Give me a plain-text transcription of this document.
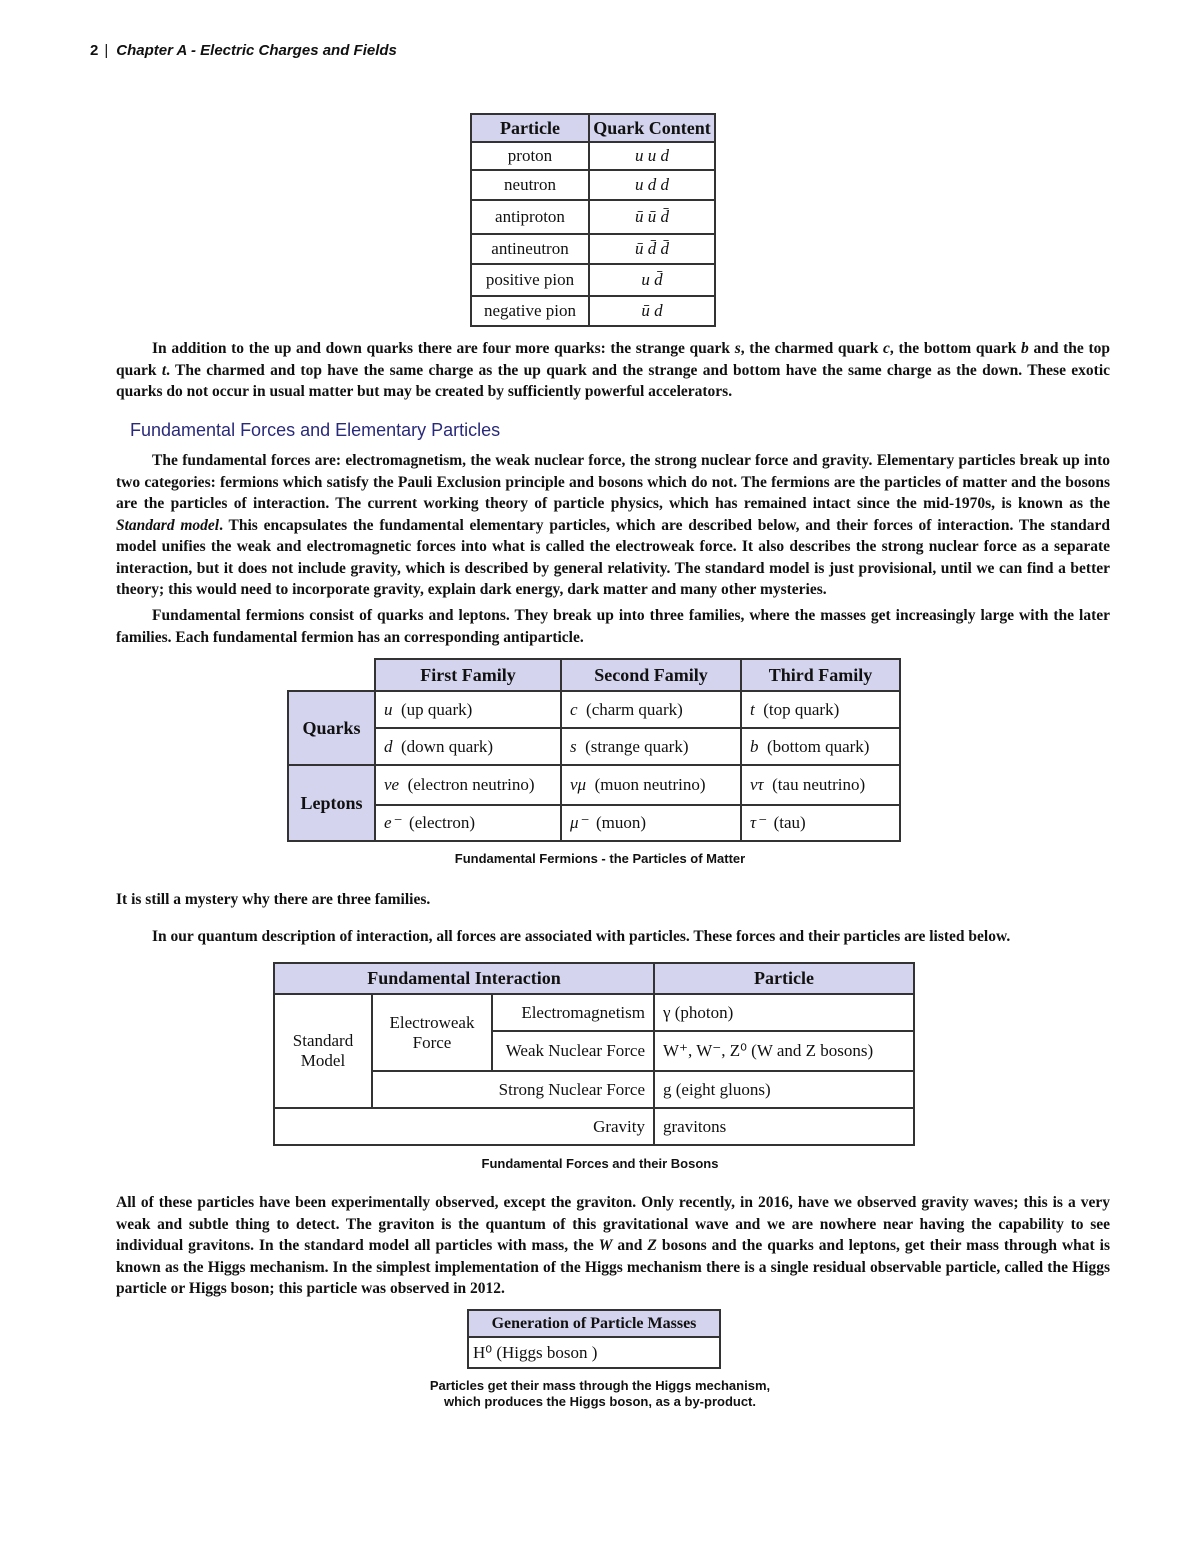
2 | Chapter A - Electric Charges and Fields
Particle	Quark Content
proton	u u d
neutron	u d d
antiproton	ū ū d̄
antineutron	ū d̄ d̄
positive pion	u d̄
negative pion	ū d
In addition to the up and down quarks there are four more quarks: the strange quark s, the charmed quark c, the bottom quark b and the top quark t. The charmed and top have the same charge as the up quark and the strange and bottom have the same charge as the down. These exotic quarks do not occur in usual matter but may be created by sufficiently powerful accelerators.
Fundamental Forces and Elementary Particles
The fundamental forces are: electromagnetism, the weak nuclear force, the strong nuclear force and gravity. Elementary particles break up into two categories: fermions which satisfy the Pauli Exclusion principle and bosons which do not. The fermions are the particles of matter and the bosons are the particles of interaction. The current working theory of particle physics, which has remained intact since the mid-1970s, is known as the Standard model. This encapsulates the fundamental elementary particles, which are described below, and their forces of interaction. The standard model unifies the weak and electromagnetic forces into what is called the electroweak force. It also describes the strong nuclear force as a separate interaction, but it does not include gravity, which is described by general relativity. The standard model is just provisional, until we can find a better theory; this would need to incorporate gravity, explain dark energy, dark matter and many other mysteries.
Fundamental fermions consist of quarks and leptons. They break up into three families, where the masses get increasingly large with the later families. Each fundamental fermion has an corresponding antiparticle.
	First Family	Second Family	Third Family
Quarks	u (up quark)	c (charm quark)	t (top quark)
	d (down quark)	s (strange quark)	b (bottom quark)
Leptons	νe (electron neutrino)	νμ (muon neutrino)	ντ (tau neutrino)
	e⁻ (electron)	μ⁻ (muon)	τ⁻ (tau)
Fundamental Fermions - the Particles of Matter
It is still a mystery why there are three families.
In our quantum description of interaction, all forces are associated with particles. These forces and their particles are listed below.
Fundamental Interaction			Particle
Standard Model	Electroweak Force	Electromagnetism	γ (photon)
		Weak Nuclear Force	W⁺, W⁻, Z⁰ (W and Z bosons)
	Strong Nuclear Force		g (eight gluons)
Gravity			gravitons
Fundamental Forces and their Bosons
All of these particles have been experimentally observed, except the graviton. Only recently, in 2016, have we observed gravity waves; this is a very weak and subtle thing to detect. The graviton is the quantum of this gravitational wave and we are nowhere near having the capability to see individual gravitons. In the standard model all particles with mass, the W and Z bosons and the quarks and leptons, get their mass through what is known as the Higgs mechanism. In the simplest implementation of the Higgs mechanism there is a single residual observable particle, called the Higgs particle or Higgs boson; this particle was observed in 2012.
Generation of Particle Masses
H⁰ (Higgs boson )
Particles get their mass through the Higgs mechanism,
which produces the Higgs boson, as a by-product.
